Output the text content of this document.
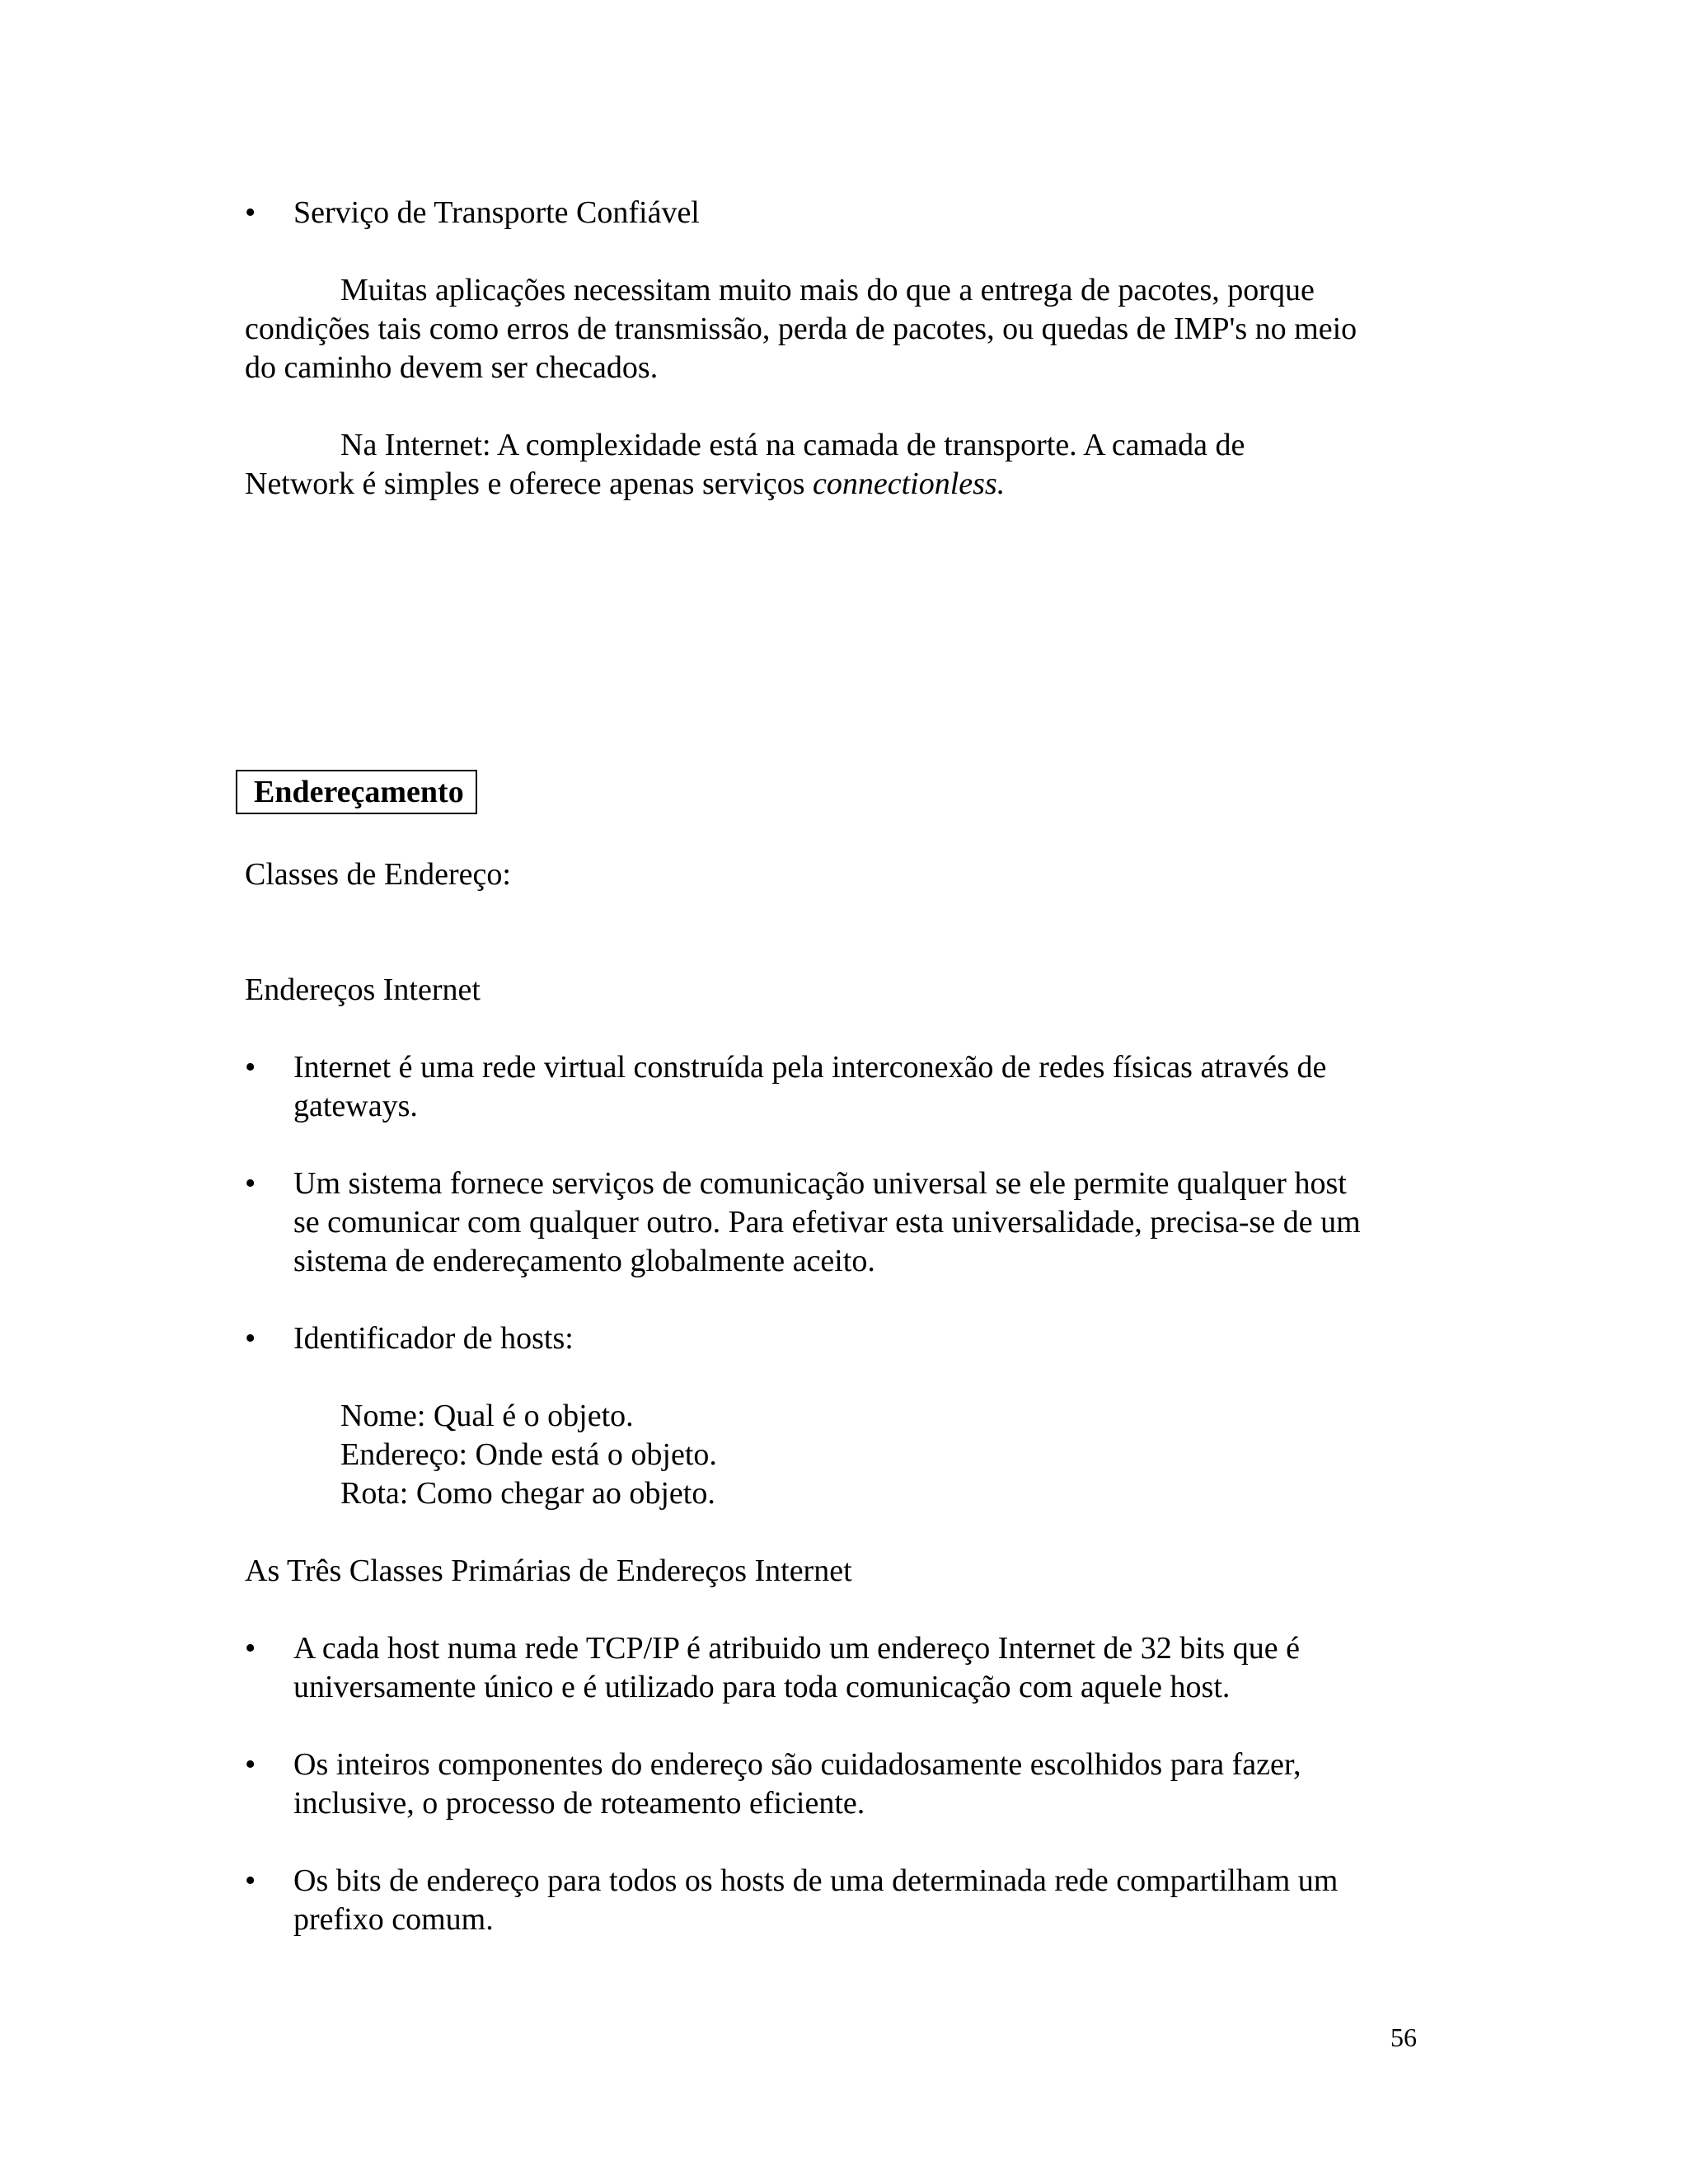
• Serviço de Transporte Confiável

Muitas aplicações necessitam muito mais do que a entrega de pacotes, porque

condições tais como erros de transmissão, perda de pacotes, ou quedas de IMP's no meio

do caminho devem ser checados.

Na Internet: A complexidade está na camada de transporte. A camada de

Network é simples e oferece apenas serviços connectionless.

Endereçamento

Classes de Endereço:

Endereços Internet

• Internet é uma rede virtual construída pela interconexão de redes físicas através de

gateways.

• Um sistema fornece serviços de comunicação universal se ele permite qualquer host

se comunicar com qualquer outro. Para efetivar esta universalidade, precisa-se de um

sistema de endereçamento globalmente aceito.

• Identificador de hosts:

Nome: Qual é o objeto.

Endereço: Onde está o objeto.

Rota: Como chegar ao objeto.

As Três Classes Primárias de Endereços Internet

• A cada host numa rede TCP/IP é atribuido um endereço Internet de 32 bits que é

universamente único e é utilizado para toda comunicação com aquele host.

• Os inteiros componentes do endereço são cuidadosamente escolhidos para fazer,

inclusive, o processo de roteamento eficiente.

• Os bits de endereço para todos os hosts de uma determinada rede compartilham um

prefixo comum.

56
